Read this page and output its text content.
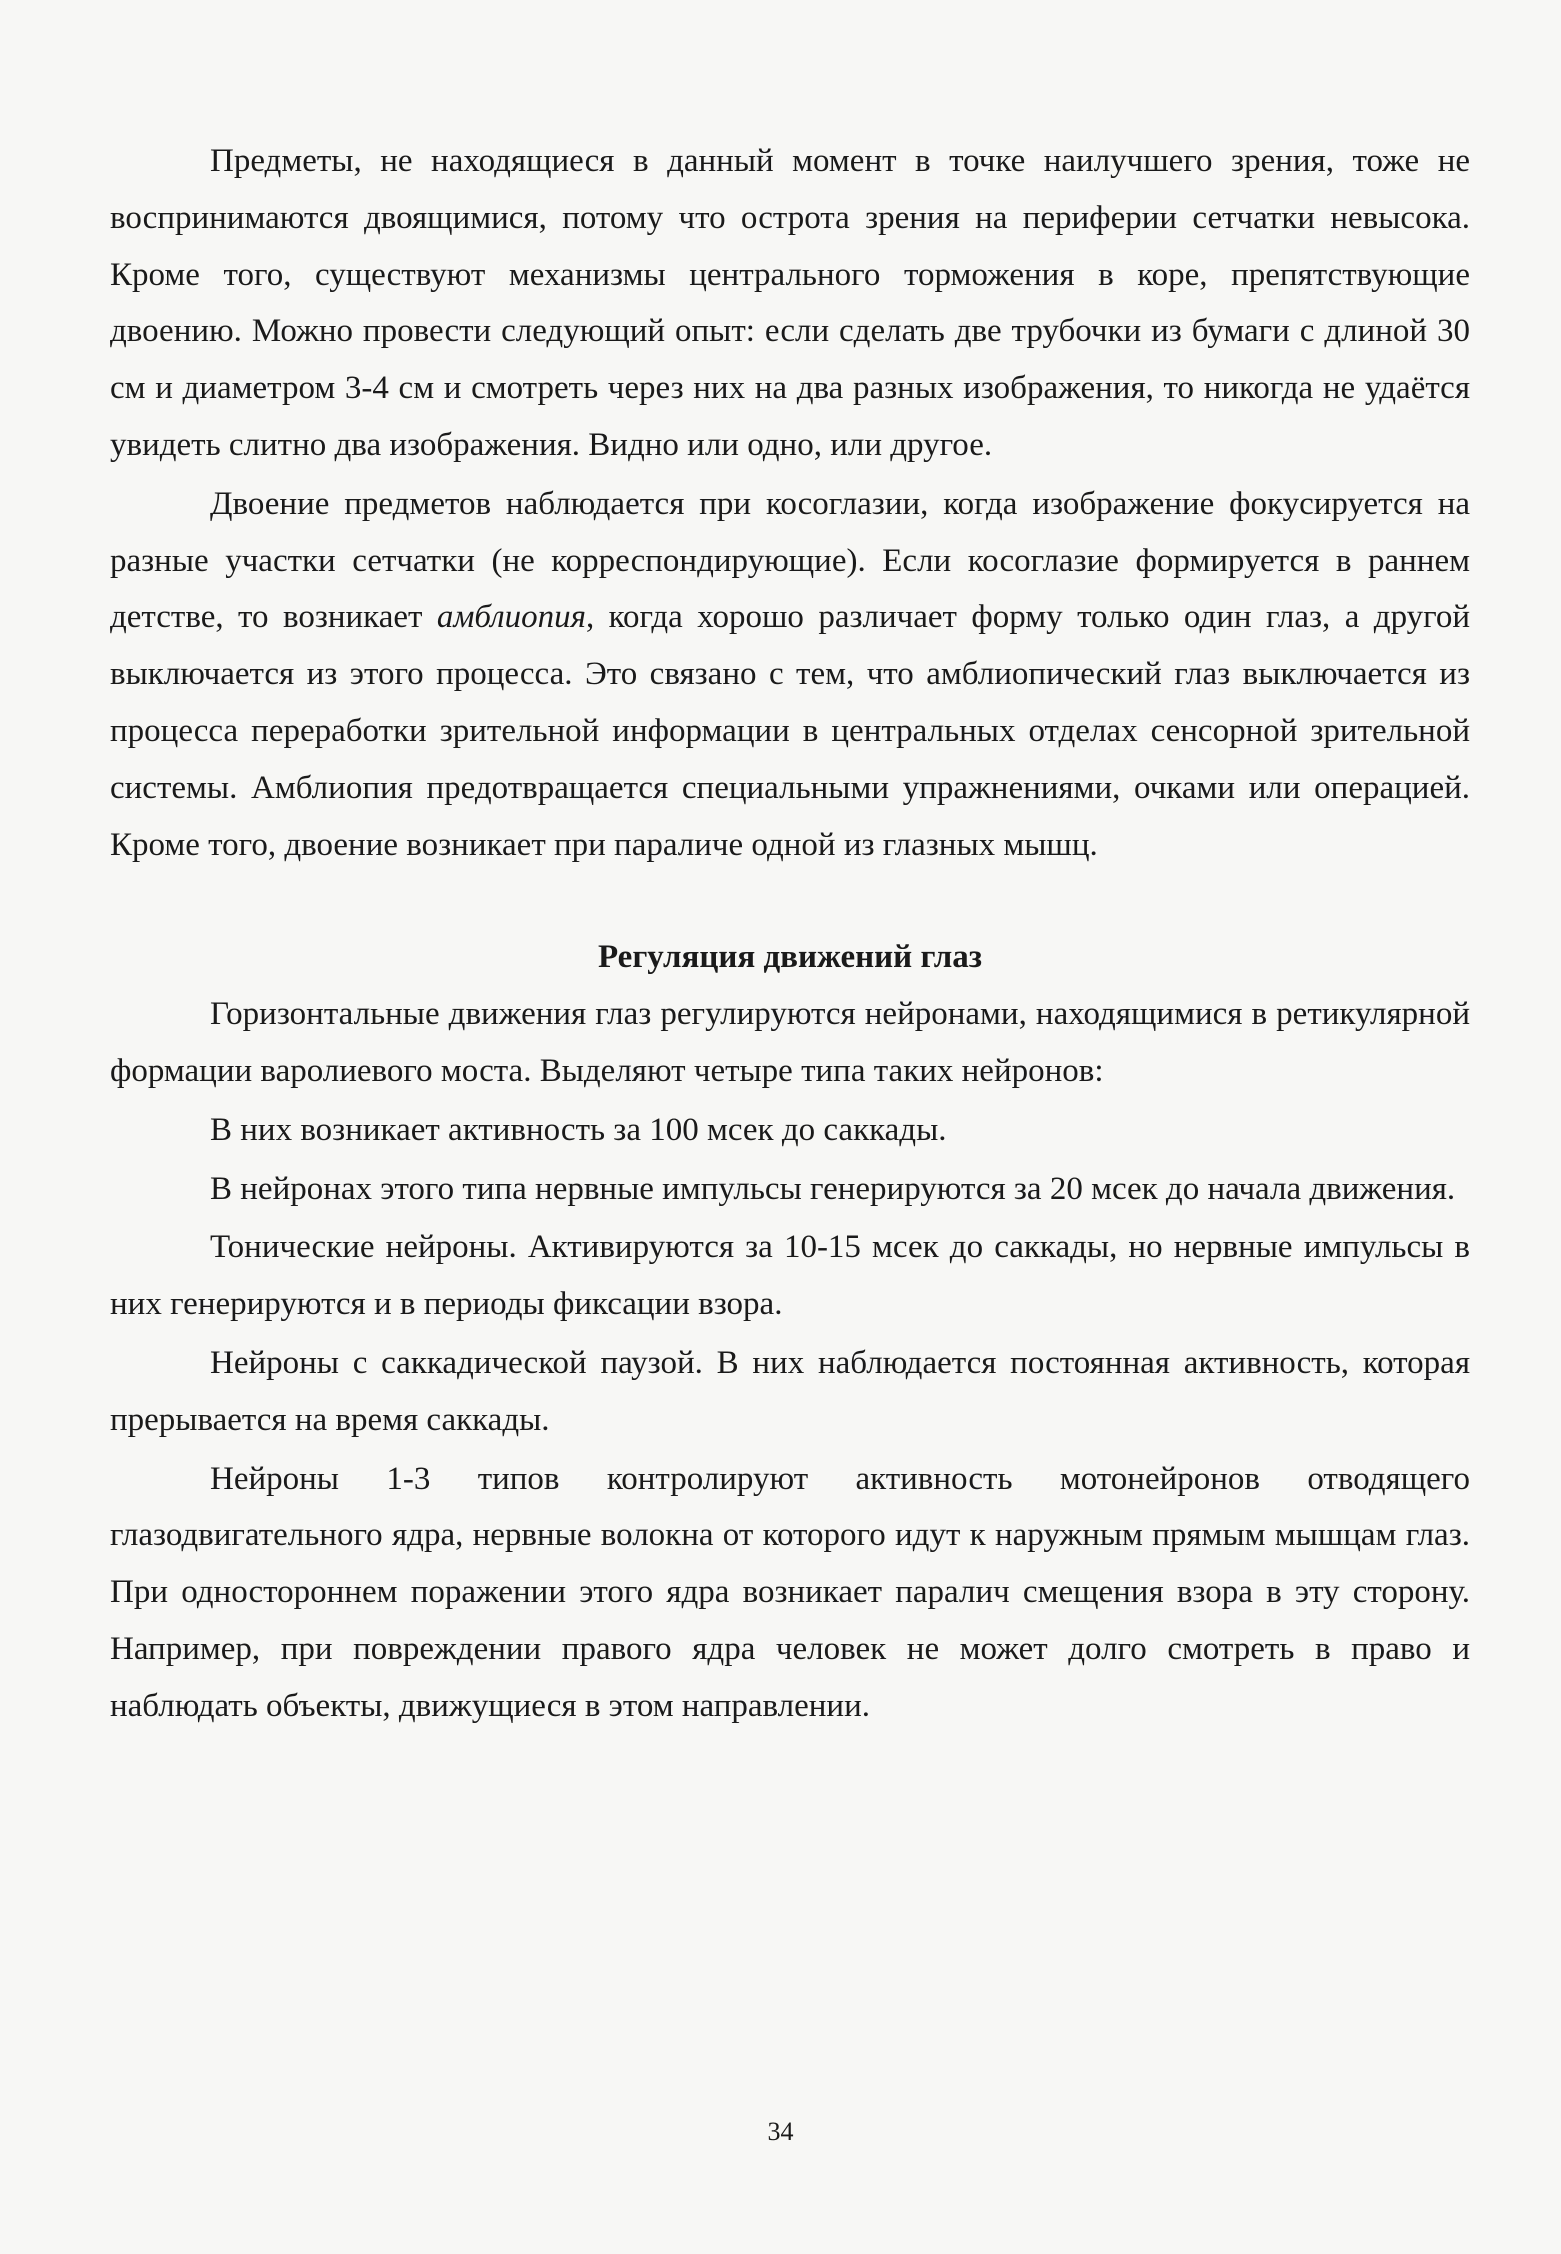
Предметы, не находящиеся в данный момент в точке наилучшего зрения, тоже не воспринимаются двоящимися, потому что острота зрения на периферии сетчатки невысока. Кроме того, существуют механизмы центрального торможения в коре, препятствующие двоению. Можно провести следующий опыт: если сделать две трубочки из бумаги с длиной 30 см и диаметром 3-4 см и смотреть через них на два разных изображения, то никогда не удаётся увидеть слитно два изображения. Видно или одно, или другое.

Двоение предметов наблюдается при косоглазии, когда изображение фокусируется на разные участки сетчатки (не корреспондирующие). Если косоглазие формируется в раннем детстве, то возникает амблиопия, когда хорошо различает форму только один глаз, а другой выключается из этого процесса. Это связано с тем, что амблиопический глаз выключается из процесса переработки зрительной информации в центральных отделах сенсорной зрительной системы. Амблиопия предотвращается специальными упражнениями, очками или операцией. Кроме того, двоение возникает при параличе одной из глазных мышц.

Регуляция движений глаз

Горизонтальные движения глаз регулируются нейронами, находящимися в ретикулярной формации варолиевого моста. Выделяют четыре типа таких нейронов:

В них возникает активность за 100 мсек до саккады.

В нейронах этого типа нервные импульсы генерируются за 20 мсек до начала движения.

Тонические нейроны. Активируются за 10-15 мсек до саккады, но нервные импульсы в них генерируются и в периоды фиксации взора.

Нейроны с саккадической паузой. В них наблюдается постоянная активность, которая прерывается на время саккады.

Нейроны 1-3 типов контролируют активность мотонейронов отводящего глазодвигательного ядра, нервные волокна от которого идут к наружным прямым мышцам глаз. При одностороннем поражении этого ядра возникает паралич смещения взора в эту сторону. Например, при повреждении правого ядра человек не может долго смотреть в право и наблюдать объекты, движущиеся в этом направлении.

34
